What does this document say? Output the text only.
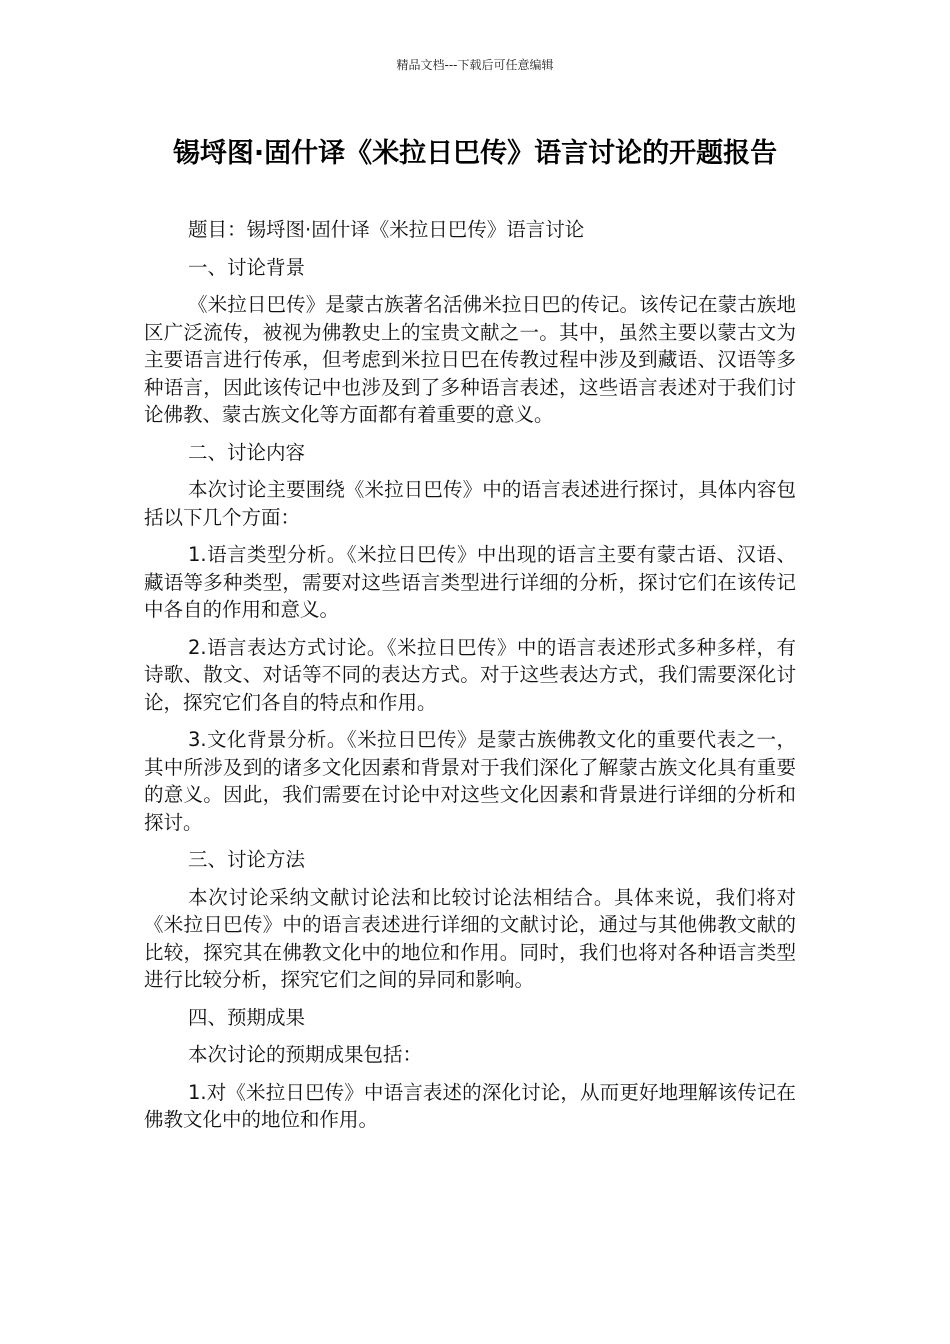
精品文档---下载后可任意编辑
锡埒图·固什译《米拉日巴传》语言讨论的开题报告

题目：锡埒图·固什译《米拉日巴传》语言讨论

一、讨论背景

《米拉日巴传》是蒙古族著名活佛米拉日巴的传记。该传记在蒙古族地区广泛流传，被视为佛教史上的宝贵文献之一。其中，虽然主要以蒙古文为主要语言进行传承，但考虑到米拉日巴在传教过程中涉及到藏语、汉语等多种语言，因此该传记中也涉及到了多种语言表述，这些语言表述对于我们讨论佛教、蒙古族文化等方面都有着重要的意义。

二、讨论内容

本次讨论主要围绕《米拉日巴传》中的语言表述进行探讨，具体内容包括以下几个方面：

1.语言类型分析。《米拉日巴传》中出现的语言主要有蒙古语、汉语、藏语等多种类型，需要对这些语言类型进行详细的分析，探讨它们在该传记中各自的作用和意义。

2.语言表达方式讨论。《米拉日巴传》中的语言表述形式多种多样，有诗歌、散文、对话等不同的表达方式。对于这些表达方式，我们需要深化讨论，探究它们各自的特点和作用。

3.文化背景分析。《米拉日巴传》是蒙古族佛教文化的重要代表之一，其中所涉及到的诸多文化因素和背景对于我们深化了解蒙古族文化具有重要的意义。因此，我们需要在讨论中对这些文化因素和背景进行详细的分析和探讨。

三、讨论方法

本次讨论采纳文献讨论法和比较讨论法相结合。具体来说，我们将对《米拉日巴传》中的语言表述进行详细的文献讨论，通过与其他佛教文献的比较，探究其在佛教文化中的地位和作用。同时，我们也将对各种语言类型进行比较分析，探究它们之间的异同和影响。

四、预期成果

本次讨论的预期成果包括：

1.对《米拉日巴传》中语言表述的深化讨论，从而更好地理解该传记在佛教文化中的地位和作用。
